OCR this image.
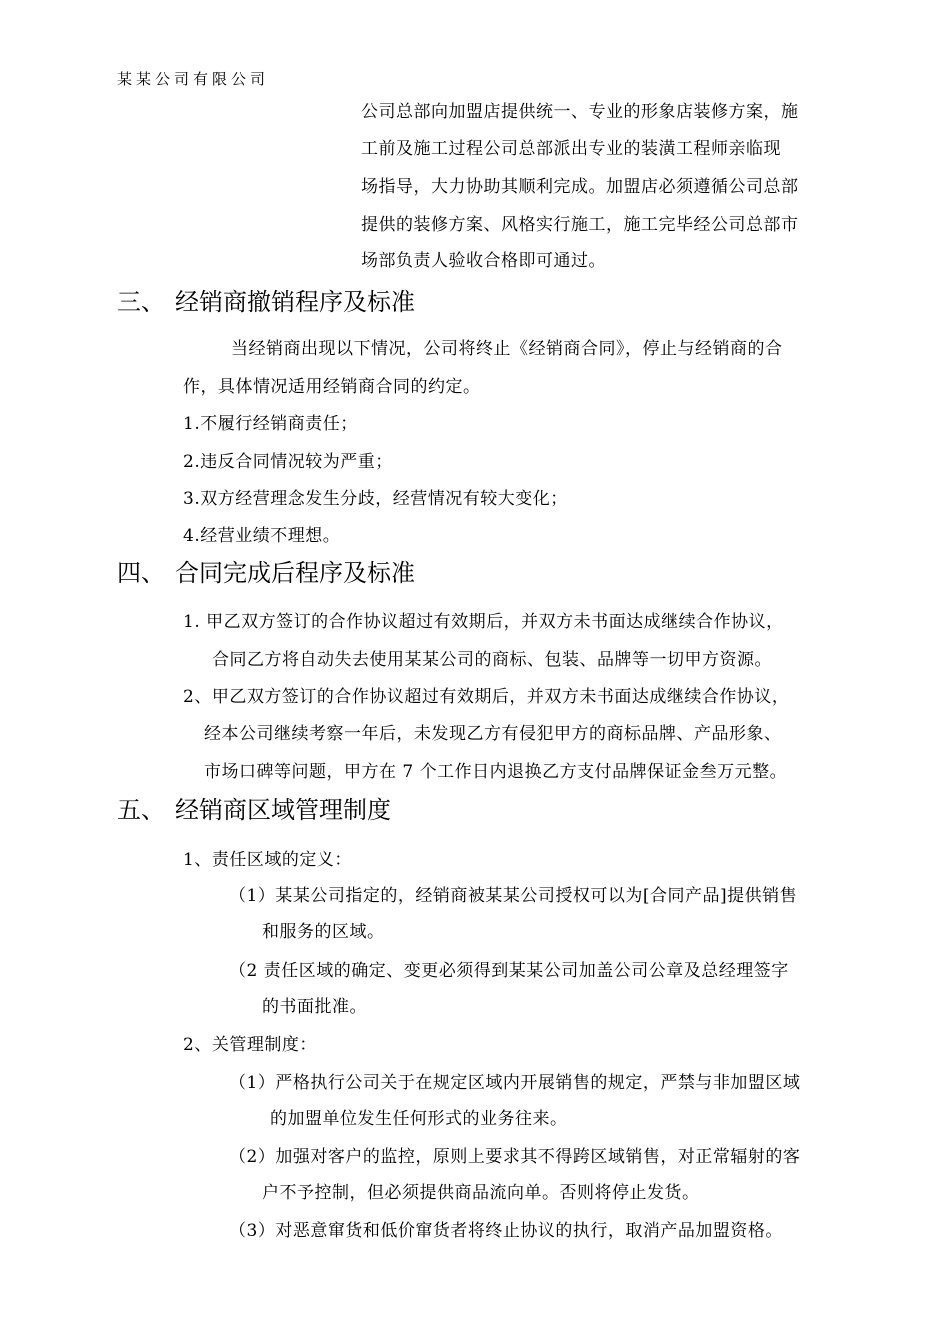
某某公司有限公司
公司总部向加盟店提供统一、专业的形象店装修方案，施
工前及施工过程公司总部派出专业的装潢工程师亲临现
场指导，大力协助其顺利完成。加盟店必须遵循公司总部
提供的装修方案、风格实行施工，施工完毕经公司总部市
场部负责人验收合格即可通过。
三、 经销商撤销程序及标准
当经销商出现以下情况，公司将终止《经销商合同》，停止与经销商的合
作，具体情况适用经销商合同的约定。
1.不履行经销商责任；
2.违反合同情况较为严重；
3.双方经营理念发生分歧，经营情况有较大变化；
4.经营业绩不理想。
四、 合同完成后程序及标准
1. 甲乙双方签订的合作协议超过有效期后，并双方未书面达成继续合作协议，
合同乙方将自动失去使用某某公司的商标、包装、品牌等一切甲方资源。
2、甲乙双方签订的合作协议超过有效期后，并双方未书面达成继续合作协议，
经本公司继续考察一年后，未发现乙方有侵犯甲方的商标品牌、产品形象、
市场口碑等问题，甲方在 7 个工作日内退换乙方支付品牌保证金叁万元整。
五、 经销商区域管理制度
1、责任区域的定义：
（1）某某公司指定的，经销商被某某公司授权可以为[合同产品]提供销售
和服务的区域。
（2 责任区域的确定、变更必须得到某某公司加盖公司公章及总经理签字
的书面批准。
2、关管理制度：
（1）严格执行公司关于在规定区域内开展销售的规定，严禁与非加盟区域
的加盟单位发生任何形式的业务往来。
（2）加强对客户的监控，原则上要求其不得跨区域销售，对正常辐射的客
户不予控制，但必须提供商品流向单。否则将停止发货。
（3）对恶意窜货和低价窜货者将终止协议的执行，取消产品加盟资格。
